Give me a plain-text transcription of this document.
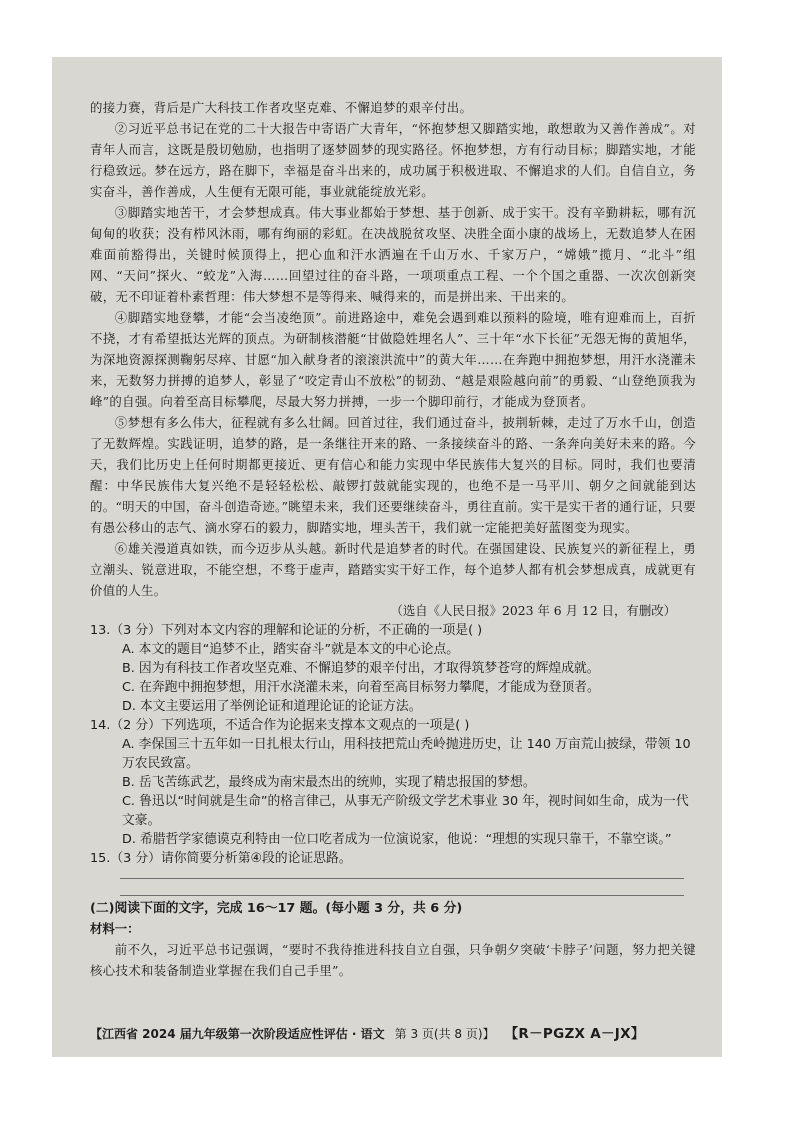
的接力赛，背后是广大科技工作者攻坚克难、不懈追梦的艰辛付出。

②习近平总书记在党的二十大报告中寄语广大青年，“怀抱梦想又脚踏实地，敢想敢为又善作善成”。对青年人而言，这既是殷切勉励，也指明了逐梦圆梦的现实路径。怀抱梦想，方有行动目标；脚踏实地，才能行稳致远。梦在远方，路在脚下，幸福是奋斗出来的，成功属于积极进取、不懈追求的人们。自信自立，务实奋斗，善作善成，人生便有无限可能，事业就能绽放光彩。

③脚踏实地苦干，才会梦想成真。伟大事业都始于梦想、基于创新、成于实干。没有辛勤耕耘，哪有沉甸甸的收获；没有栉风沐雨，哪有绚丽的彩虹。在决战脱贫攻坚、决胜全面小康的战场上，无数追梦人在困难面前豁得出，关键时候顶得上，把心血和汗水洒遍在千山万水、千家万户，“嫦娥”揽月、“北斗”组网、“天问”探火、“蛟龙”入海……回望过往的奋斗路，一项项重点工程、一个个国之重器、一次次创新突破，无不印证着朴素哲理：伟大梦想不是等得来、喊得来的，而是拼出来、干出来的。

④脚踏实地登攀，才能“会当凌绝顶”。前进路途中，难免会遇到难以预料的险境，唯有迎难而上，百折不挠，才有希望抵达光辉的顶点。为研制核潜艇“甘做隐姓埋名人”、三十年“水下长征”无怨无悔的黄旭华，为深地资源探测鞠躬尽瘁、甘愿“加入献身者的滚滚洪流中”的黄大年……在奔跑中拥抱梦想，用汗水浇灌未来，无数努力拼搏的追梦人，彰显了“咬定青山不放松”的韧劲、“越是艰险越向前”的勇毅、“山登绝顶我为峰”的自强。向着至高目标攀爬，尽最大努力拼搏，一步一个脚印前行，才能成为登顶者。

⑤梦想有多么伟大，征程就有多么壮阔。回首过往，我们通过奋斗，披荆斩棘，走过了万水千山，创造了无数辉煌。实践证明，追梦的路，是一条继往开来的路、一条接续奋斗的路、一条奔向美好未来的路。今天，我们比历史上任何时期都更接近、更有信心和能力实现中华民族伟大复兴的目标。同时，我们也要清醒：中华民族伟大复兴绝不是轻轻松松、敲锣打鼓就能实现的，也绝不是一马平川、朝夕之间就能到达的。“明天的中国，奋斗创造奇迹。”眺望未来，我们还要继续奋斗，勇往直前。实干是实干者的通行证，只要有愚公移山的志气、滴水穿石的毅力，脚踏实地，埋头苦干，我们就一定能把美好蓝图变为现实。

⑥雄关漫道真如铁，而今迈步从头越。新时代是追梦者的时代。在强国建设、民族复兴的新征程上，勇立潮头、锐意进取，不能空想，不骛于虚声，踏踏实实干好工作，每个追梦人都有机会梦想成真，成就更有价值的人生。

（选自《人民日报》2023 年 6 月 12 日，有删改）

13.（3 分）下列对本文内容的理解和论证的分析，不正确的一项是( )

A. 本文的题目“追梦不止，踏实奋斗”就是本文的中心论点。

B. 因为有科技工作者攻坚克难、不懈追梦的艰辛付出，才取得筑梦苍穹的辉煌成就。

C. 在奔跑中拥抱梦想，用汗水浇灌未来，向着至高目标努力攀爬，才能成为登顶者。

D. 本文主要运用了举例论证和道理论证的论证方法。

14.（2 分）下列选项，不适合作为论据来支撑本文观点的一项是( )

A. 李保国三十五年如一日扎根太行山，用科技把荒山秃岭抛进历史，让 140 万亩荒山披绿，带领 10 万农民致富。

B. 岳飞苦练武艺，最终成为南宋最杰出的统帅，实现了精忠报国的梦想。

C. 鲁迅以“时间就是生命”的格言律己，从事无产阶级文学艺术事业 30 年，视时间如生命，成为一代文豪。

D. 希腊哲学家德谟克利特由一位口吃者成为一位演说家，他说：“理想的实现只靠干，不靠空谈。”

15.（3 分）请你简要分析第④段的论证思路。

(二)阅读下面的文字，完成 16～17 题。(每小题 3 分，共 6 分)

材料一：

前不久，习近平总书记强调，“要时不我待推进科技自立自强，只争朝夕突破‘卡脖子’问题，努力把关键核心技术和装备制造业掌握在我们自己手里”。

【江西省 2024 届九年级第一次阶段适应性评估 · 语文 第 3 页(共 8 页)】 【R－PGZX A－JX】
